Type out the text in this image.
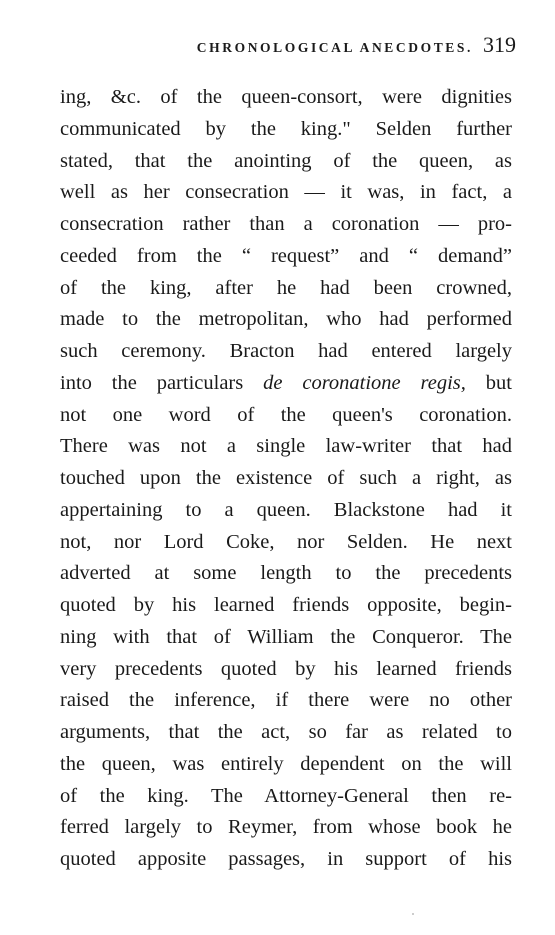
CHRONOLOGICAL ANECDOTES. 319
ing, &c. of the queen-consort, were dignities
communicated by the king." Selden further
stated, that the anointing of the queen, as
well as her consecration — it was, in fact, a
consecration rather than a coronation — pro-
ceeded from the “ request” and “ demand”
of the king, after he had been crowned,
made to the metropolitan, who had performed
such ceremony. Bracton had entered largely
into the particulars de coronatione regis, but
not one word of the queen's coronation.
There was not a single law-writer that had
touched upon the existence of such a right, as
appertaining to a queen. Blackstone had it
not, nor Lord Coke, nor Selden. He next
adverted at some length to the precedents
quoted by his learned friends opposite, begin-
ning with that of William the Conqueror. The
very precedents quoted by his learned friends
raised the inference, if there were no other
arguments, that the act, so far as related to
the queen, was entirely dependent on the will
of the king. The Attorney-General then re-
ferred largely to Reymer, from whose book he
quoted apposite passages, in support of his
